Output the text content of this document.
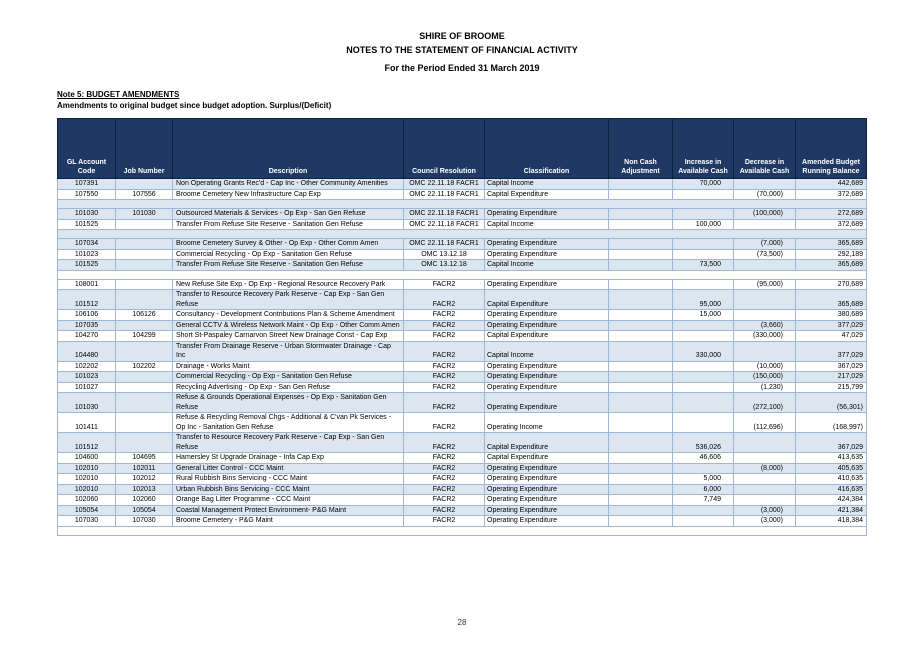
SHIRE OF BROOME
NOTES TO THE STATEMENT OF FINANCIAL ACTIVITY
For the Period Ended 31 March 2019
Note 5: BUDGET AMENDMENTS
Amendments to original budget since budget adoption. Surplus/(Deficit)
GL Account Code	Job Number	Description	Council Resolution	Classification	Non Cash Adjustment	Increase in Available Cash	Decrease in Available Cash	Amended Budget Running Balance
107391		Non Operating Grants Rec'd - Cap Inc - Other Community Amenities	OMC 22.11.18 FACR1	Capital Income		70,000		442,689
107550	107556	Broome Cemetery New Infrastructure Cap Exp	OMC 22.11.18 FACR1	Capital Expenditure			(70,000)	372,689

101030	101030	Outsourced Materials & Services - Op Exp - San Gen Refuse	OMC 22.11.18 FACR1	Operating Expenditure			(100,000)	272,689
101525		Transfer From Refuse Site Reserve - Sanitation Gen Refuse	OMC 22.11.18 FACR1	Capital Income		100,000		372,689

107034		Broome Cemetery Survey & Other - Op Exp - Other Comm Amen	OMC 22.11.18 FACR1	Operating Expenditure			(7,000)	365,689
101023		Commercial Recycling - Op Exp - Sanitation Gen Refuse	OMC 13.12.18	Operating Expenditure			(73,500)	292,189
101525		Transfer From Refuse Site Reserve - Sanitation Gen Refuse	OMC 13.12.18	Capital Income		73,500		365,689

108001		New Refuse Site Exp - Op Exp - Regional Resource Recovery Park	FACR2	Operating Expenditure			(95,000)	270,689
101512		Transfer to Resource Recovery Park Reserve - Cap Exp - San Gen Refuse	FACR2	Capital Expenditure		95,000		365,689
106106	106126	Consultancy - Development Contributions Plan & Scheme Amendment	FACR2	Operating Expenditure		15,000		380,689
107035		General CCTV & Wireless Network Maint - Op Exp - Other Comm Amen	FACR2	Operating Expenditure			(3,660)	377,029
104270	104299	Short St-Paspaley Carnarvon Street New Drainage Const - Cap Exp	FACR2	Capital Expenditure			(330,000)	47,029
104480		Transfer From Drainage Reserve - Urban Stormwater Drainage - Cap Inc	FACR2	Capital Income		330,000		377,029
102202	102202	Drainage - Works Maint	FACR2	Operating Expenditure			(10,000)	367,029
101023		Commercial Recycling - Op Exp - Sanitation Gen Refuse	FACR2	Operating Expenditure			(150,000)	217,029
101027		Recycling Advertising - Op Exp - San Gen Refuse	FACR2	Operating Expenditure			(1,230)	215,799
101030		Refuse & Grounds Operational Expenses - Op Exp - Sanitation Gen Refuse	FACR2	Operating Expenditure			(272,100)	(56,301)
101411		Refuse & Recycling Removal Chgs - Additional & C'van Pk Services - Op Inc - Sanitation Gen Refuse	FACR2	Operating Income			(112,696)	(168,997)
101512		Transfer to Resource Recovery Park Reserve - Cap Exp - San Gen Refuse	FACR2	Capital Expenditure		536,026		367,029
104600	104695	Hamersley St Upgrade Drainage - Infa Cap Exp	FACR2	Capital Expenditure		46,606		413,635
102010	102011	General Litter Control - CCC Maint	FACR2	Operating Expenditure			(8,000)	405,635
102010	102012	Rural Rubbish Bins Servicing - CCC Maint	FACR2	Operating Expenditure		5,000		410,635
102010	102013	Urban Rubbish Bins Servicing - CCC Maint	FACR2	Operating Expenditure		6,000		416,635
102060	102060	Orange Bag Litter Programme - CCC Maint	FACR2	Operating Expenditure		7,749		424,384
105054	105054	Coastal Management Protect Environment- P&G Maint	FACR2	Operating Expenditure			(3,000)	421,384
107030	107030	Broome Cemetery - P&G Maint	FACR2	Operating Expenditure			(3,000)	418,384

28
